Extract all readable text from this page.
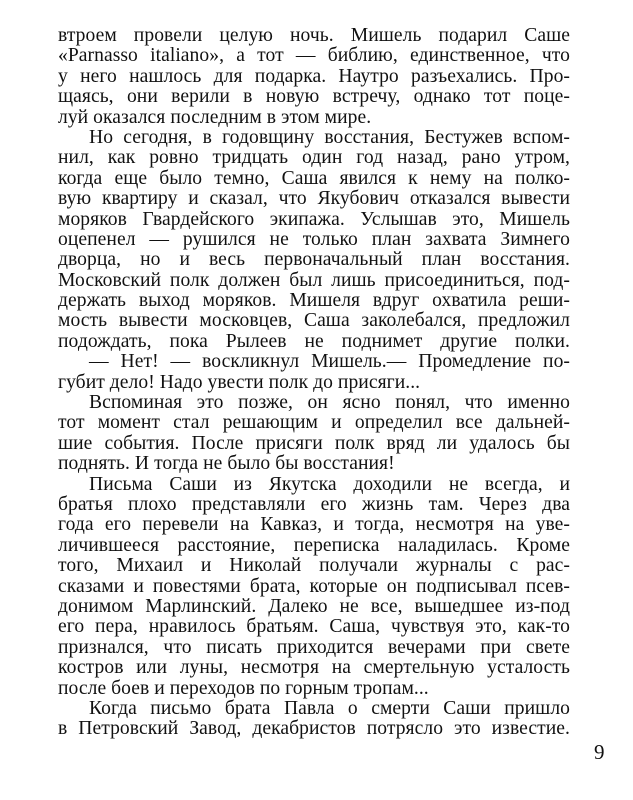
втроем провели целую ночь. Мишель подарил Саше
«Parnasso italiano», а тот — библию, единственное, что
у него нашлось для подарка. Наутро разъехались. Про-
щаясь, они верили в новую встречу, однако тот поце-
луй оказался последним в этом мире.
Но сегодня, в годовщину восстания, Бестужев вспом-
нил, как ровно тридцать один год назад, рано утром,
когда еще было темно, Саша явился к нему на полко-
вую квартиру и сказал, что Якубович отказался вывести
моряков Гвардейского экипажа. Услышав это, Мишель
оцепенел — рушился не только план захвата Зимнего
дворца, но и весь первоначальный план восстания.
Московский полк должен был лишь присоединиться, под-
держать выход моряков. Мишеля вдруг охватила реши-
мость вывести московцев, Саша заколебался, предложил
подождать, пока Рылеев не поднимет другие полки.
— Нет! — воскликнул Мишель.— Промедление по-
губит дело! Надо увести полк до присяги...
Вспоминая это позже, он ясно понял, что именно
тот момент стал решающим и определил все дальней-
шие события. После присяги полк вряд ли удалось бы
поднять. И тогда не было бы восстания!
Письма Саши из Якутска доходили не всегда, и
братья плохо представляли его жизнь там. Через два
года его перевели на Кавказ, и тогда, несмотря на уве-
личившееся расстояние, переписка наладилась. Кроме
того, Михаил и Николай получали журналы с рас-
сказами и повестями брата, которые он подписывал псев-
донимом Марлинский. Далеко не все, вышедшее из-под
его пера, нравилось братьям. Саша, чувствуя это, как-то
признался, что писать приходится вечерами при свете
костров или луны, несмотря на смертельную усталость
после боев и переходов по горным тропам...
Когда письмо брата Павла о смерти Саши пришло
в Петровский Завод, декабристов потрясло это известие.
9
